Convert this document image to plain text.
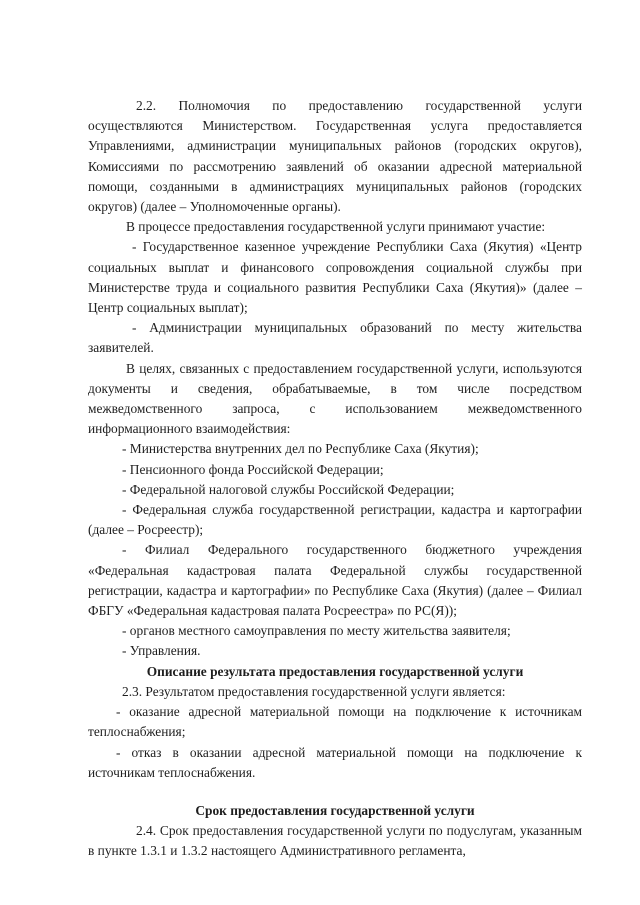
2.2. Полномочия по предоставлению государственной услуги осуществляются Министерством. Государственная услуга предоставляется Управлениями, администрации муниципальных районов (городских округов), Комиссиями по рассмотрению заявлений об оказании адресной материальной помощи, созданными в администрациях муниципальных районов (городских округов) (далее – Уполномоченные органы).

В процессе предоставления государственной услуги принимают участие:

- Государственное казенное учреждение Республики Саха (Якутия) «Центр социальных выплат и финансового сопровождения социальной службы при Министерстве труда и социального развития Республики Саха (Якутия)» (далее – Центр социальных выплат);

- Администрации муниципальных образований по месту жительства заявителей.

В целях, связанных с предоставлением государственной услуги, используются документы и сведения, обрабатываемые, в том числе посредством межведомственного запроса, с использованием межведомственного информационного взаимодействия:

- Министерства внутренних дел по Республике Саха (Якутия);

- Пенсионного фонда Российской Федерации;

- Федеральной налоговой службы Российской Федерации;

- Федеральная служба государственной регистрации, кадастра и картографии (далее – Росреестр);

- Филиал Федерального государственного бюджетного учреждения «Федеральная кадастровая палата Федеральной службы государственной регистрации, кадастра и картографии» по Республике Саха (Якутия) (далее – Филиал ФБГУ «Федеральная кадастровая палата Росреестра» по РС(Я));

- органов местного самоуправления по месту жительства заявителя;

- Управления.

Описание результата предоставления государственной услуги

2.3. Результатом предоставления государственной услуги является:

- оказание адресной материальной помощи на подключение к источникам теплоснабжения;

- отказ в оказании адресной материальной помощи на подключение к источникам теплоснабжения.

Срок предоставления государственной услуги

2.4. Срок предоставления государственной услуги по подуслугам, указанным в пункте 1.3.1 и 1.3.2 настоящего Административного регламента,
